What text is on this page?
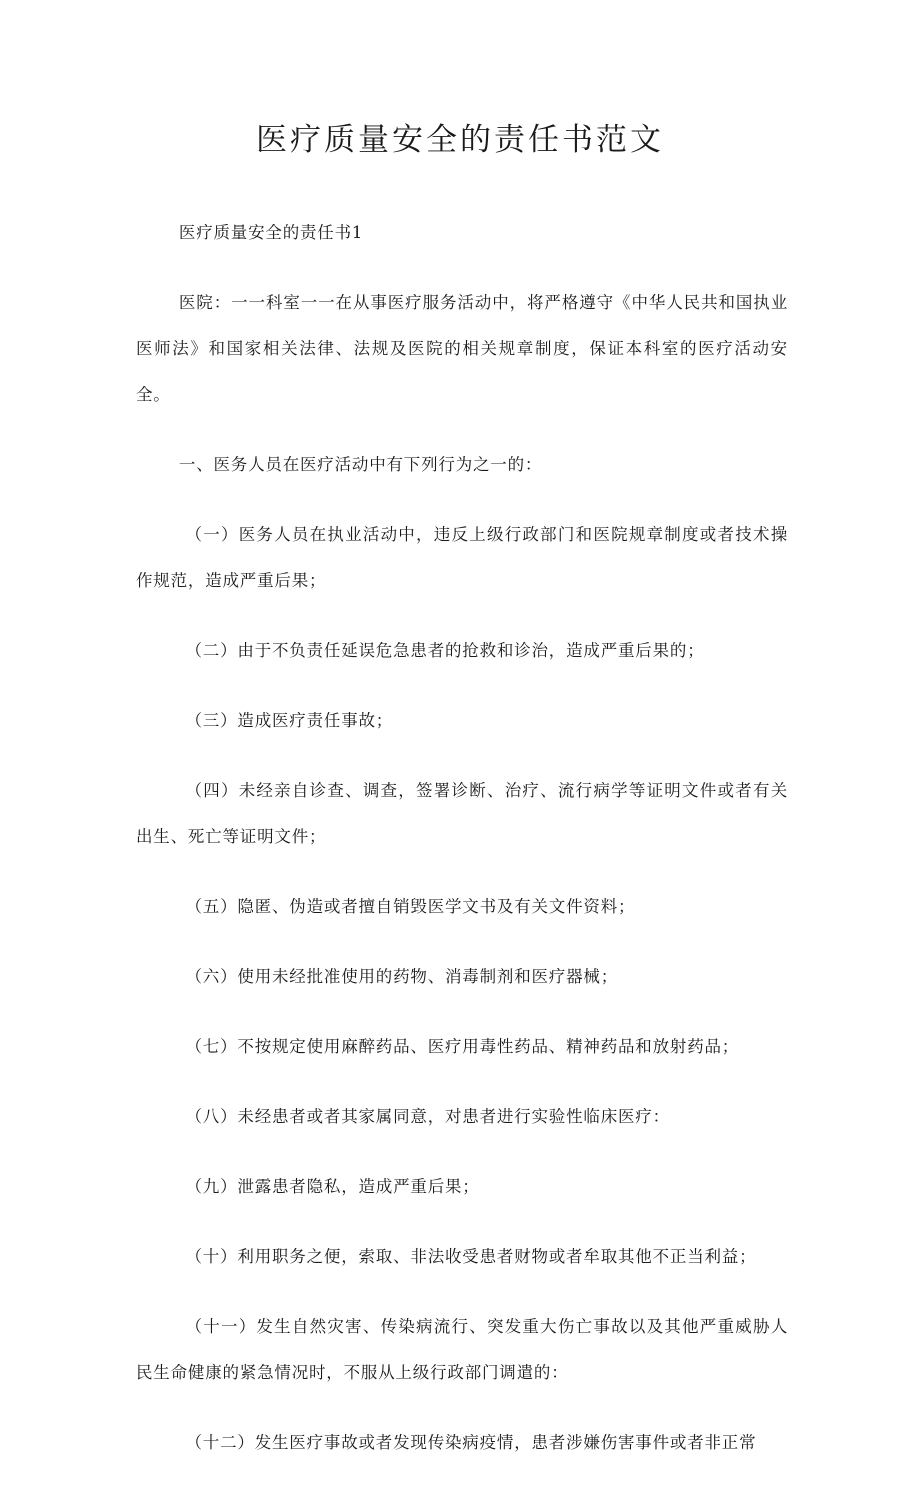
医疗质量安全的责任书范文

医疗质量安全的责任书1

医院：一一科室一一在从事医疗服务活动中，将严格遵守《中华人民共和国执业医师法》和国家相关法律、法规及医院的相关规章制度，保证本科室的医疗活动安全。

一、医务人员在医疗活动中有下列行为之一的：

（一）医务人员在执业活动中，违反上级行政部门和医院规章制度或者技术操作规范，造成严重后果；

（二）由于不负责任延误危急患者的抢救和诊治，造成严重后果的；

（三）造成医疗责任事故；

（四）未经亲自诊查、调查，签署诊断、治疗、流行病学等证明文件或者有关出生、死亡等证明文件；

（五）隐匿、伪造或者擅自销毁医学文书及有关文件资料；

（六）使用未经批准使用的药物、消毒制剂和医疗器械；

（七）不按规定使用麻醉药品、医疗用毒性药品、精神药品和放射药品；

（八）未经患者或者其家属同意，对患者进行实验性临床医疗：

（九）泄露患者隐私，造成严重后果；

（十）利用职务之便，索取、非法收受患者财物或者牟取其他不正当利益；

（十一）发生自然灾害、传染病流行、突发重大伤亡事故以及其他严重威胁人民生命健康的紧急情况时，不服从上级行政部门调遣的：

（十二）发生医疗事故或者发现传染病疫情，患者涉嫌伤害事件或者非正常
